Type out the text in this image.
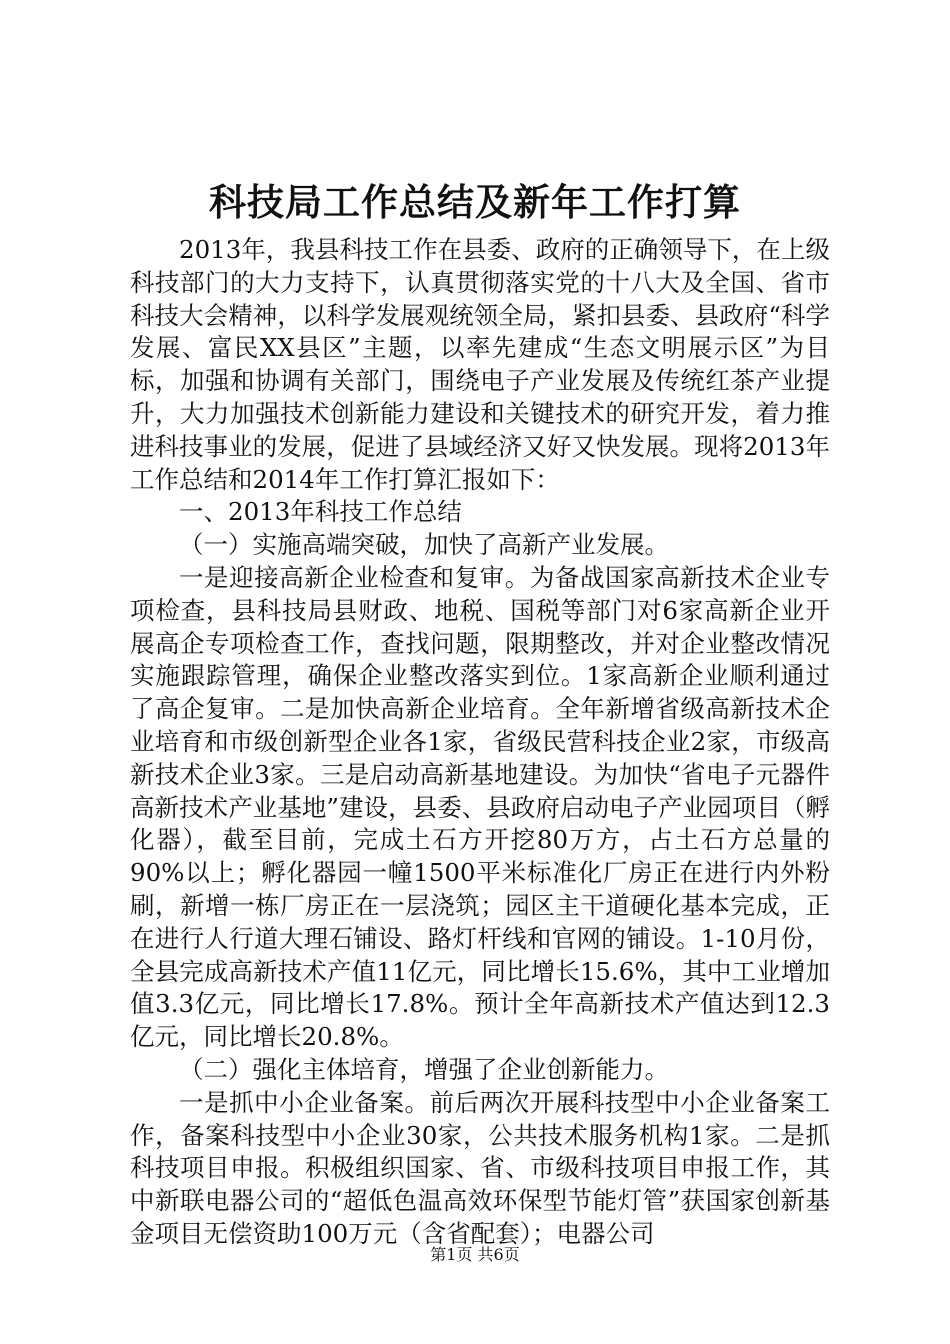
科技局工作总结及新年工作打算

2013年，我县科技工作在县委、政府的正确领导下，在上级科技部门的大力支持下，认真贯彻落实党的十八大及全国、省市科技大会精神，以科学发展观统领全局，紧扣县委、县政府“科学发展、富民XX县区”主题，以率先建成“生态文明展示区”为目标，加强和协调有关部门，围绕电子产业发展及传统红茶产业提升，大力加强技术创新能力建设和关键技术的研究开发，着力推进科技事业的发展，促进了县域经济又好又快发展。现将2013年工作总结和2014年工作打算汇报如下：

一、2013年科技工作总结

（一）实施高端突破，加快了高新产业发展。

一是迎接高新企业检查和复审。为备战国家高新技术企业专项检查，县科技局县财政、地税、国税等部门对6家高新企业开展高企专项检查工作，查找问题，限期整改，并对企业整改情况实施跟踪管理，确保企业整改落实到位。1家高新企业顺利通过了高企复审。二是加快高新企业培育。全年新增省级高新技术企业培育和市级创新型企业各1家，省级民营科技企业2家，市级高新技术企业3家。三是启动高新基地建设。为加快“省电子元器件高新技术产业基地”建设，县委、县政府启动电子产业园项目（孵化器），截至目前，完成土石方开挖80万方，占土石方总量的90%以上；孵化器园一幢1500平米标准化厂房正在进行内外粉刷，新增一栋厂房正在一层浇筑；园区主干道硬化基本完成，正在进行人行道大理石铺设、路灯杆线和官网的铺设。1-10月份，全县完成高新技术产值11亿元，同比增长15.6%，其中工业增加值3.3亿元，同比增长17.8%。预计全年高新技术产值达到12.3亿元，同比增长20.8%。

（二）强化主体培育，增强了企业创新能力。

一是抓中小企业备案。前后两次开展科技型中小企业备案工作，备案科技型中小企业30家，公共技术服务机构1家。二是抓科技项目申报。积极组织国家、省、市级科技项目申报工作，其中新联电器公司的“超低色温高效环保型节能灯管”获国家创新基金项目无偿资助100万元（含省配套）；电器公司

第1页 共6页
